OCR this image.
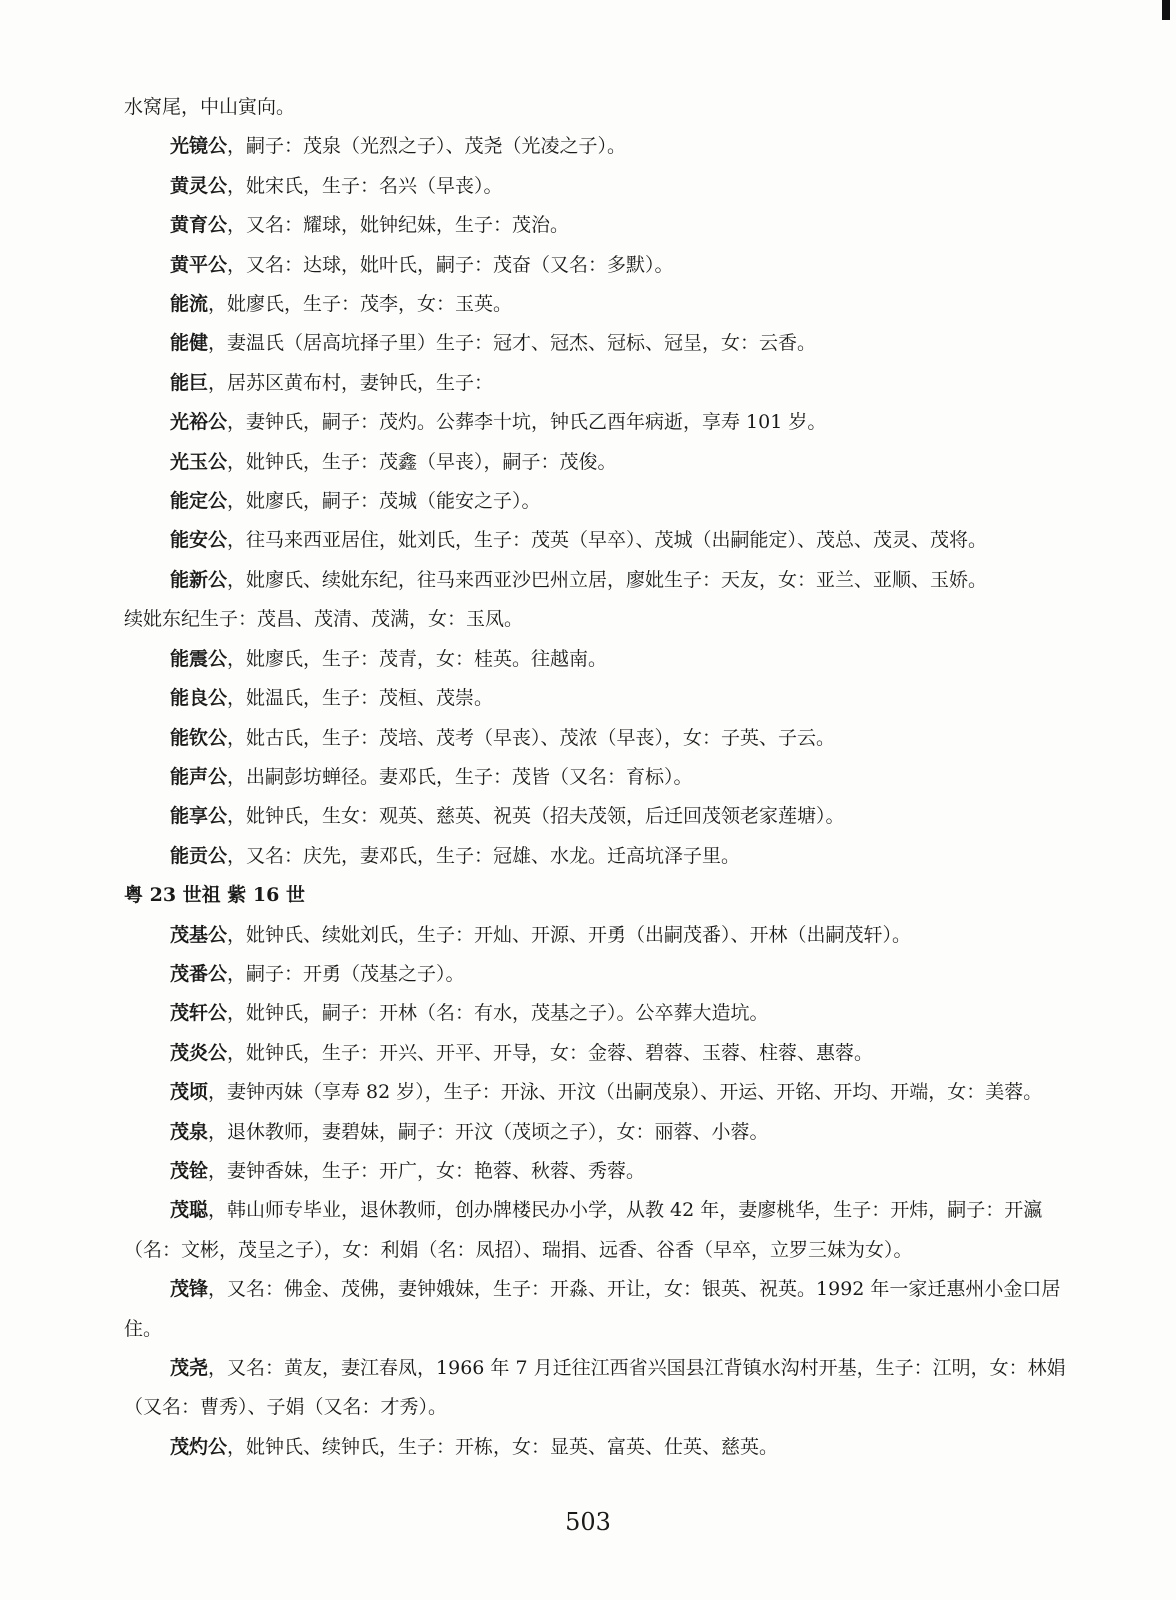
水窝尾，中山寅向。

光镜公，嗣子：茂泉（光烈之子）、茂尧（光凌之子）。

黄灵公，妣宋氏，生子：名兴（早丧）。

黄育公，又名：耀球，妣钟纪妹，生子：茂治。

黄平公，又名：达球，妣叶氏，嗣子：茂奋（又名：多默）。

能流，妣廖氏，生子：茂李，女：玉英。

能健，妻温氏（居高坑择子里）生子：冠才、冠杰、冠标、冠呈，女：云香。

能巨，居苏区黄布村，妻钟氏，生子：

光裕公，妻钟氏，嗣子：茂灼。公葬李十坑，钟氏乙酉年病逝，享寿 101 岁。

光玉公，妣钟氏，生子：茂鑫（早丧），嗣子：茂俊。

能定公，妣廖氏，嗣子：茂城（能安之子）。

能安公，往马来西亚居住，妣刘氏，生子：茂英（早卒）、茂城（出嗣能定）、茂总、茂灵、茂将。

能新公，妣廖氏、续妣东纪，往马来西亚沙巴州立居，廖妣生子：天友，女：亚兰、亚顺、玉娇。

续妣东纪生子：茂昌、茂清、茂满，女：玉凤。

能震公，妣廖氏，生子：茂青，女：桂英。往越南。

能良公，妣温氏，生子：茂桓、茂崇。

能钦公，妣古氏，生子：茂培、茂考（早丧）、茂浓（早丧），女：子英、子云。

能声公，出嗣彭坊蝉径。妻邓氏，生子：茂皆（又名：育标）。

能享公，妣钟氏，生女：观英、慈英、祝英（招夫茂领，后迁回茂领老家莲塘）。

能贡公，又名：庆先，妻邓氏，生子：冠雄、水龙。迁高坑泽子里。

粤 23 世祖 紫 16 世

茂基公，妣钟氏、续妣刘氏，生子：开灿、开源、开勇（出嗣茂番）、开林（出嗣茂轩）。

茂番公，嗣子：开勇（茂基之子）。

茂轩公，妣钟氏，嗣子：开林（名：有水，茂基之子）。公卒葬大造坑。

茂炎公，妣钟氏，生子：开兴、开平、开导，女：金蓉、碧蓉、玉蓉、柱蓉、惠蓉。

茂顷，妻钟丙妹（享寿 82 岁），生子：开泳、开汶（出嗣茂泉）、开运、开铭、开均、开端，女：美蓉。

茂泉，退休教师，妻碧妹，嗣子：开汶（茂顷之子），女：丽蓉、小蓉。

茂铨，妻钟香妹，生子：开广，女：艳蓉、秋蓉、秀蓉。

茂聪，韩山师专毕业，退休教师，创办牌楼民办小学，从教 42 年，妻廖桃华，生子：开炜，嗣子：开瀛（名：文彬，茂呈之子），女：利娟（名：凤招）、瑞捐、远香、谷香（早卒，立罗三妹为女）。

茂锋，又名：佛金、茂佛，妻钟娥妹，生子：开淼、开让，女：银英、祝英。1992 年一家迁惠州小金口居住。

茂尧，又名：黄友，妻江春凤，1966 年 7 月迁往江西省兴国县江背镇水沟村开基，生子：江明，女：林娟（又名：曹秀）、子娟（又名：才秀）。

茂灼公，妣钟氏、续钟氏，生子：开栋，女：显英、富英、仕英、慈英。

503
